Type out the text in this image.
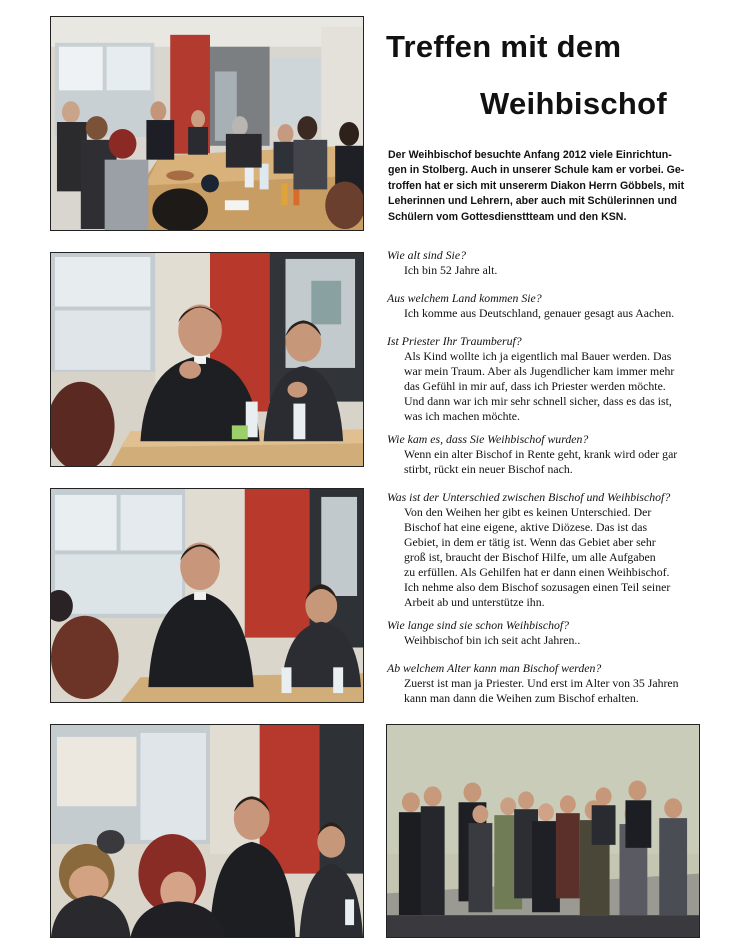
Treffen mit dem
Weihbischof

Der Weihbischof besuchte Anfang 2012 viele Einrichtun-
gen in Stolberg. Auch in unserer Schule kam er vorbei. Ge-
troffen hat er sich mit unsererm Diakon Herrn Göbbels, mit
Leherinnen und Lehrern, aber auch mit Schülerinnen und
Schülern vom Gottesdiensttteam und den KSN.

Wie alt sind Sie?

Ich bin 52 Jahre alt.

Aus welchem Land kommen Sie?

Ich komme aus Deutschland, genauer gesagt aus Aachen.

Ist Priester Ihr Traumberuf?

Als Kind wollte ich ja eigentlich mal Bauer werden. Das

war mein Traum. Aber als Jugendlicher kam immer mehr

das Gefühl in mir auf, dass ich Priester werden möchte.

Und dann war ich mir sehr schnell sicher, dass es das ist,

was ich machen möchte.

Wie kam es, dass Sie Weihbischof wurden?

Wenn ein alter Bischof in Rente geht, krank wird oder gar

stirbt, rückt ein neuer Bischof nach.

Was ist der Unterschied zwischen Bischof und Weihbischof?

Von den Weihen her gibt es keinen Unterschied. Der

Bischof hat eine eigene, aktive Diözese. Das ist das

Gebiet, in dem er tätig ist. Wenn das Gebiet aber sehr

groß ist, braucht der Bischof Hilfe, um alle Aufgaben

zu erfüllen. Als Gehilfen hat er dann einen Weihbischof.

Ich nehme also dem Bischof sozusagen einen Teil seiner

Arbeit ab und unterstütze ihn.

Wie lange sind sie schon Weihbischof?

Weihbischof bin ich seit acht Jahren..

Ab welchem Alter kann man Bischof werden?

Zuerst ist man ja Priester. Und erst im Alter von 35 Jahren

kann man dann die Weihen zum Bischof erhalten.
